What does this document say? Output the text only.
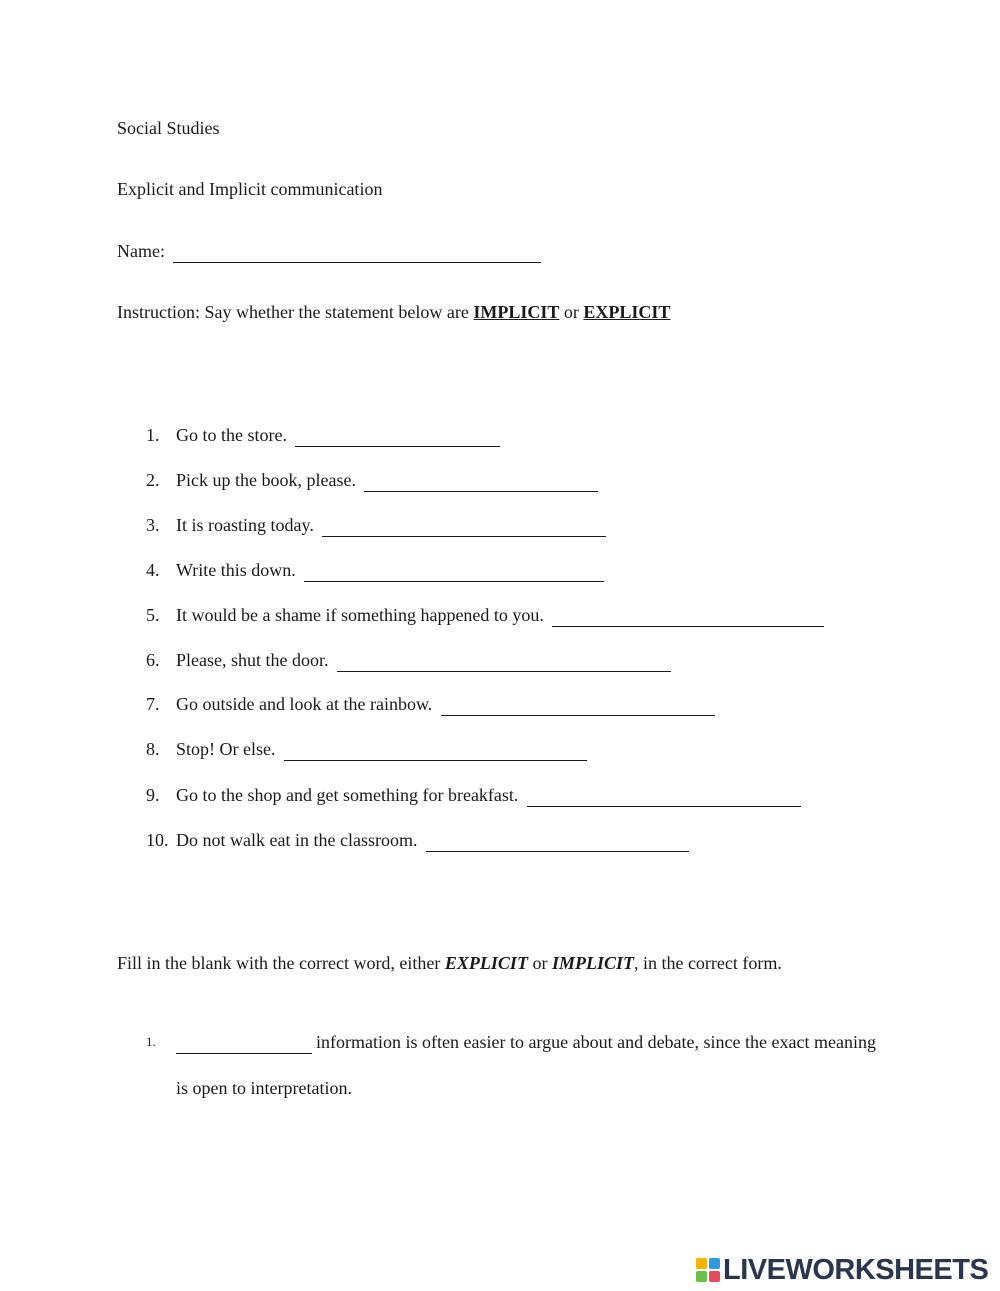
Social Studies
Explicit and Implicit communication
Name:
Instruction: Say whether the statement below are IMPLICIT or EXPLICIT
1. Go to the store.
2. Pick up the book, please.
3. It is roasting today.
4. Write this down.
5. It would be a shame if something happened to you.
6. Please, shut the door.
7. Go outside and look at the rainbow.
8. Stop! Or else.
9. Go to the shop and get something for breakfast.
10. Do not walk eat in the classroom.
Fill in the blank with the correct word, either EXPLICIT or IMPLICIT, in the correct form.
1.	information is often easier to argue about and debate, since the exact meaning is open to interpretation.
LIVEWORKSHEETS
